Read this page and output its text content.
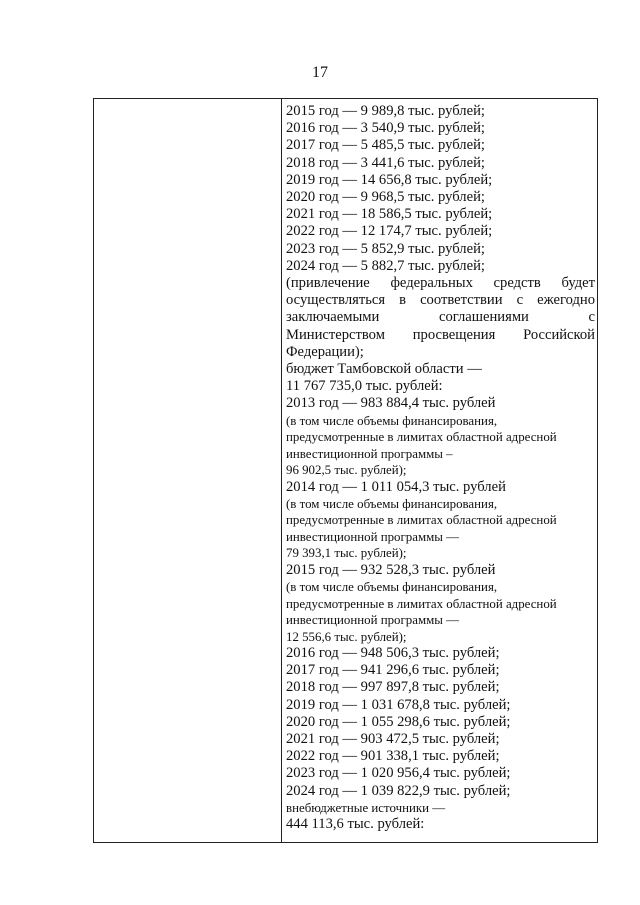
17
2015 год — 9 989,8 тыс. рублей;
2016 год — 3 540,9 тыс. рублей;
2017 год — 5 485,5 тыс. рублей;
2018 год — 3 441,6 тыс. рублей;
2019 год — 14 656,8 тыс. рублей;
2020 год — 9 968,5 тыс. рублей;
2021 год — 18 586,5 тыс. рублей;
2022 год — 12 174,7 тыс. рублей;
2023 год — 5 852,9 тыс. рублей;
2024 год — 5 882,7 тыс. рублей;
(привлечение федеральных средств будет
осуществляться в соответствии с ежегодно
заключаемыми соглашениями с
Министерством просвещения Российской
Федерации);
бюджет Тамбовской области —
11 767 735,0 тыс. рублей:
2013 год — 983 884,4 тыс. рублей
(в том числе объемы финансирования,
предусмотренные в лимитах областной адресной
инвестиционной программы –
96 902,5 тыс. рублей);
2014 год — 1 011 054,3 тыс. рублей
(в том числе объемы финансирования,
предусмотренные в лимитах областной адресной
инвестиционной программы —
79 393,1 тыс. рублей);
2015 год — 932 528,3 тыс. рублей
(в том числе объемы финансирования,
предусмотренные в лимитах областной адресной
инвестиционной программы —
12 556,6 тыс. рублей);
2016 год — 948 506,3 тыс. рублей;
2017 год — 941 296,6 тыс. рублей;
2018 год — 997 897,8 тыс. рублей;
2019 год — 1 031 678,8 тыс. рублей;
2020 год — 1 055 298,6 тыс. рублей;
2021 год — 903 472,5 тыс. рублей;
2022 год — 901 338,1 тыс. рублей;
2023 год — 1 020 956,4 тыс. рублей;
2024 год — 1 039 822,9 тыс. рублей;
внебюджетные источники —
444 113,6 тыс. рублей:
